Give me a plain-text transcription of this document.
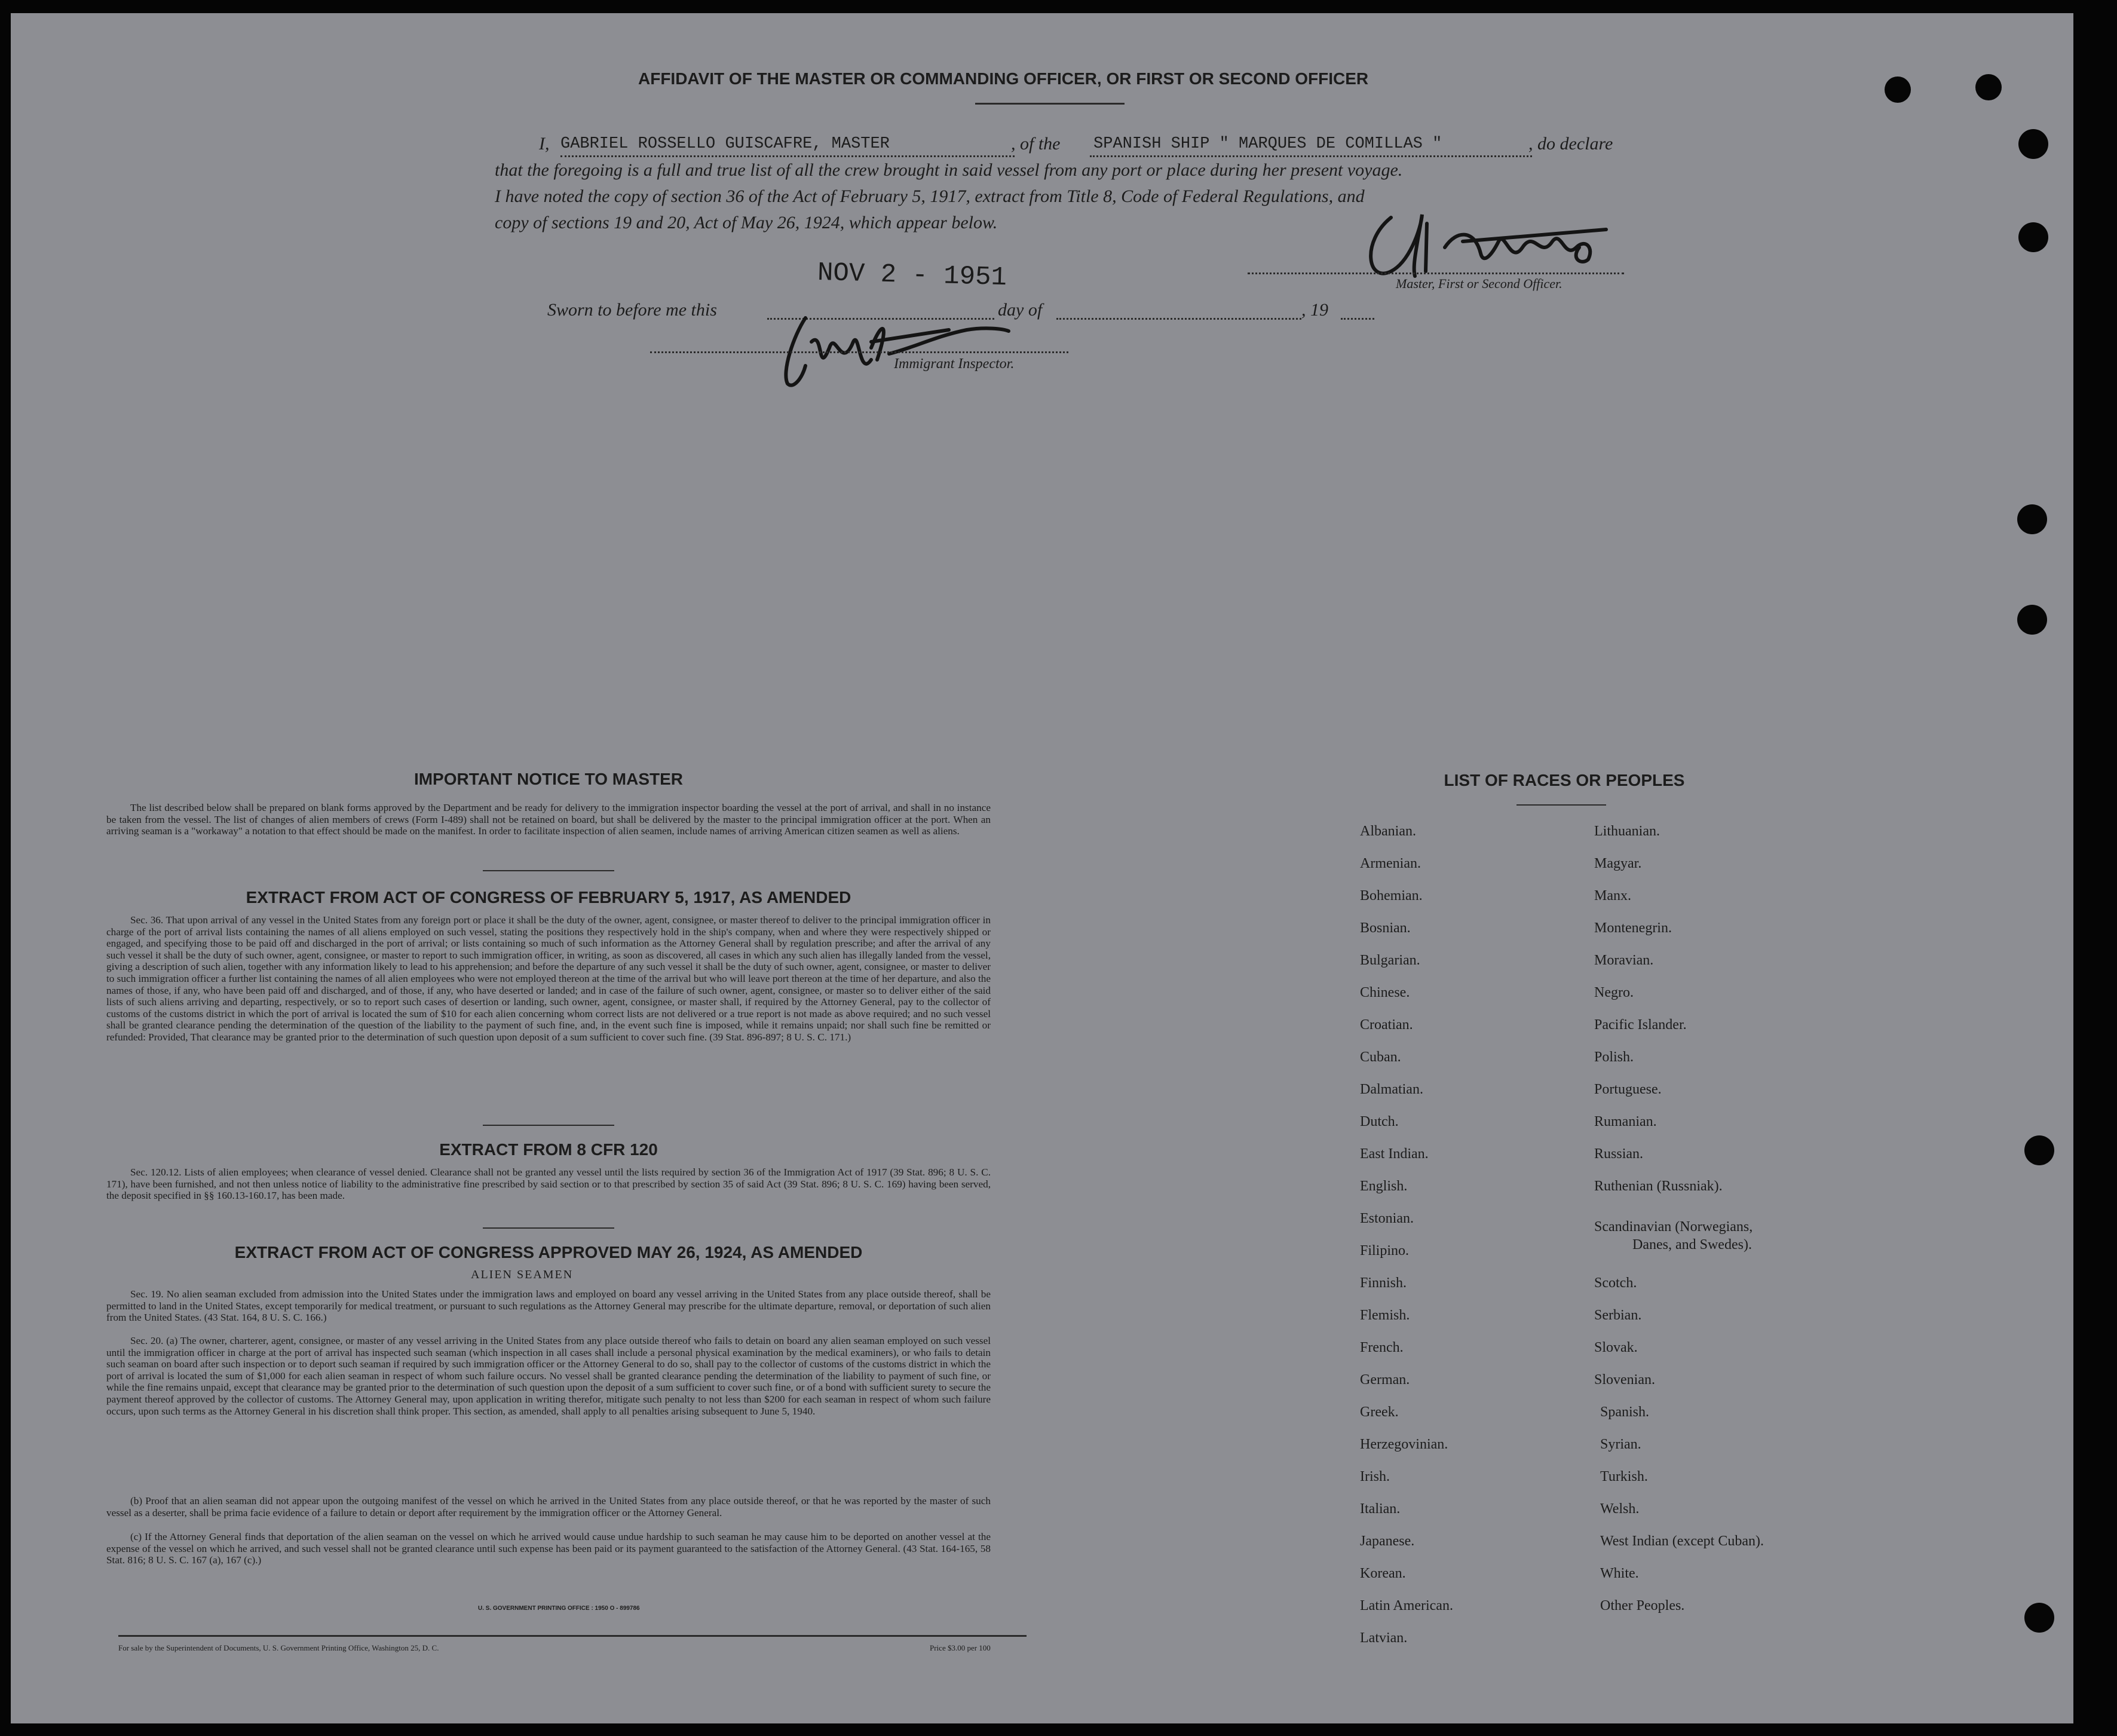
AFFIDAVIT OF THE MASTER OR COMMANDING OFFICER, OR FIRST OR SECOND OFFICER
I, GABRIEL ROSSELLO GUISCAFRE, MASTER	, of the SPANISH SHIP " MARQUES DE COMILLAS "	, do declare
that the foregoing is a full and true list of all the crew brought in said vessel from any port or place during her present voyage.
I have noted the copy of section 36 of the Act of February 5, 1917, extract from Title 8, Code of Federal Regulations, and
copy of sections 19 and 20, Act of May 26, 1924, which appear below.
Master, First or Second Officer.
NOV 2 - 1951
Sworn to before me this	day of	, 19
Immigrant Inspector.
IMPORTANT NOTICE TO MASTER
The list described below shall be prepared on blank forms approved by the Department and be ready for delivery to the immigration inspector boarding the vessel at the port of arrival, and shall in no instance be taken from the vessel. The list of changes of alien members of crews (Form I-489) shall not be retained on board, but shall be delivered by the master to the principal immigration officer at the port. When an arriving seaman is a "workaway" a notation to that effect should be made on the manifest. In order to facilitate inspection of alien seamen, include names of arriving American citizen seamen as well as aliens.
EXTRACT FROM ACT OF CONGRESS OF FEBRUARY 5, 1917, AS AMENDED
Sec. 36. That upon arrival of any vessel in the United States from any foreign port or place it shall be the duty of the owner, agent, consignee, or master thereof to deliver to the principal immigration officer in charge of the port of arrival lists containing the names of all aliens employed on such vessel, stating the positions they respectively hold in the ship's company, when and where they were respectively shipped or engaged, and specifying those to be paid off and discharged in the port of arrival; or lists containing so much of such information as the Attorney General shall by regulation prescribe; and after the arrival of any such vessel it shall be the duty of such owner, agent, consignee, or master to report to such immigration officer, in writing, as soon as discovered, all cases in which any such alien has illegally landed from the vessel, giving a description of such alien, together with any information likely to lead to his apprehension; and before the departure of any such vessel it shall be the duty of such owner, agent, consignee, or master to deliver to such immigration officer a further list containing the names of all alien employees who were not employed thereon at the time of the arrival but who will leave port thereon at the time of her departure, and also the names of those, if any, who have been paid off and discharged, and of those, if any, who have deserted or landed; and in case of the failure of such owner, agent, consignee, or master so to deliver either of the said lists of such aliens arriving and departing, respectively, or so to report such cases of desertion or landing, such owner, agent, consignee, or master shall, if required by the Attorney General, pay to the collector of customs of the customs district in which the port of arrival is located the sum of $10 for each alien concerning whom correct lists are not delivered or a true report is not made as above required; and no such vessel shall be granted clearance pending the determination of the question of the liability to the payment of such fine, and, in the event such fine is imposed, while it remains unpaid; nor shall such fine be remitted or refunded: Provided, That clearance may be granted prior to the determination of such question upon deposit of a sum sufficient to cover such fine. (39 Stat. 896-897; 8 U. S. C. 171.)
EXTRACT FROM 8 CFR 120
Sec. 120.12. Lists of alien employees; when clearance of vessel denied. Clearance shall not be granted any vessel until the lists required by section 36 of the Immigration Act of 1917 (39 Stat. 896; 8 U. S. C. 171), have been furnished, and not then unless notice of liability to the administrative fine prescribed by said section or to that prescribed by section 35 of said Act (39 Stat. 896; 8 U. S. C. 169) having been served, the deposit specified in §§ 160.13-160.17, has been made.
EXTRACT FROM ACT OF CONGRESS APPROVED MAY 26, 1924, AS AMENDED
ALIEN SEAMEN
Sec. 19. No alien seaman excluded from admission into the United States under the immigration laws and employed on board any vessel arriving in the United States from any place outside thereof, shall be permitted to land in the United States, except temporarily for medical treatment, or pursuant to such regulations as the Attorney General may prescribe for the ultimate departure, removal, or deportation of such alien from the United States. (43 Stat. 164, 8 U. S. C. 166.)
Sec. 20. (a) The owner, charterer, agent, consignee, or master of any vessel arriving in the United States from any place outside thereof who fails to detain on board any alien seaman employed on such vessel until the immigration officer in charge at the port of arrival has inspected such seaman (which inspection in all cases shall include a personal physical examination by the medical examiners), or who fails to detain such seaman on board after such inspection or to deport such seaman if required by such immigration officer or the Attorney General to do so, shall pay to the collector of customs of the customs district in which the port of arrival is located the sum of $1,000 for each alien seaman in respect of whom such failure occurs. No vessel shall be granted clearance pending the determination of the liability to payment of such fine, or while the fine remains unpaid, except that clearance may be granted prior to the determination of such question upon the deposit of a sum sufficient to cover such fine, or of a bond with sufficient surety to secure the payment thereof approved by the collector of customs. The Attorney General may, upon application in writing therefor, mitigate such penalty to not less than $200 for each seaman in respect of whom such failure occurs, upon such terms as the Attorney General in his discretion shall think proper. This section, as amended, shall apply to all penalties arising subsequent to June 5, 1940.
(b) Proof that an alien seaman did not appear upon the outgoing manifest of the vessel on which he arrived in the United States from any place outside thereof, or that he was reported by the master of such vessel as a deserter, shall be prima facie evidence of a failure to detain or deport after requirement by the immigration officer or the Attorney General.
(c) If the Attorney General finds that deportation of the alien seaman on the vessel on which he arrived would cause undue hardship to such seaman he may cause him to be deported on another vessel at the expense of the vessel on which he arrived, and such vessel shall not be granted clearance until such expense has been paid or its payment guaranteed to the satisfaction of the Attorney General. (43 Stat. 164-165, 58 Stat. 816; 8 U. S. C. 167 (a), 167 (c).)
U. S. GOVERNMENT PRINTING OFFICE : 1950 O - 899786
For sale by the Superintendent of Documents, U. S. Government Printing Office, Washington 25, D. C.	Price $3.00 per 100
LIST OF RACES OR PEOPLES
Albanian.
Armenian.
Bohemian.
Bosnian.
Bulgarian.
Chinese.
Croatian.
Cuban.
Dalmatian.
Dutch.
East Indian.
English.
Estonian.
Filipino.
Finnish.
Flemish.
French.
German.
Greek.
Herzegovinian.
Irish.
Italian.
Japanese.
Korean.
Latin American.
Latvian.
Lithuanian.
Magyar.
Manx.
Montenegrin.
Moravian.
Negro.
Pacific Islander.
Polish.
Portuguese.
Rumanian.
Russian.
Ruthenian (Russniak).
Scandinavian (Norwegians,
Danes, and Swedes).
Scotch.
Serbian.
Slovak.
Slovenian.
Spanish.
Syrian.
Turkish.
Welsh.
West Indian (except Cuban).
White.
Other Peoples.
